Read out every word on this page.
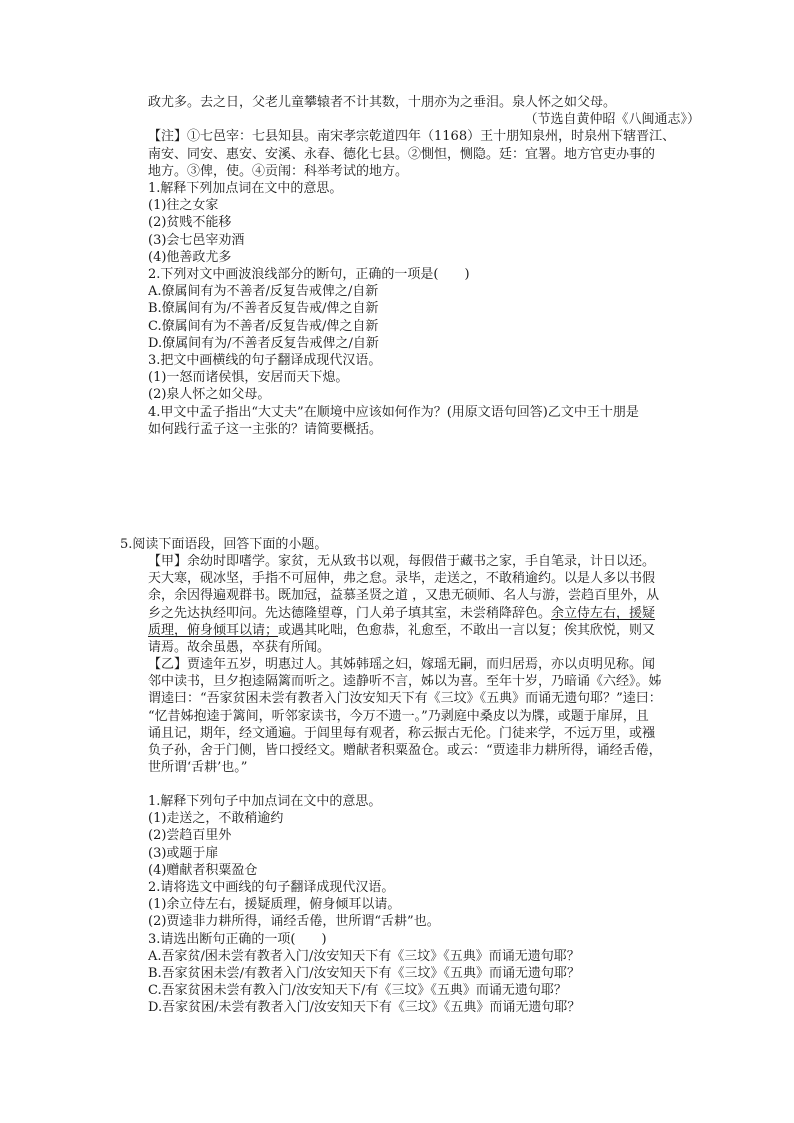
政尤多。去之日，父老儿童攀辕者不计其数，十朋亦为之垂泪。泉人怀之如父母。
（节选自黄仲昭《八闽通志》）
【注】①七邑宰：七县知县。南宋孝宗乾道四年（1168）王十朋知泉州，时泉州下辖晋江、
南安、同安、惠安、安溪、永春、德化七县。②惻怛，恻隐。廷：宜署。地方官吏办事的
地方。③俾，使。④贡闱：科举考试的地方。
1.解释下列加点词在文中的意思。
(1)往之女家
(2)贫贱不能移
(3)会七邑宰劝酒
(4)他善政尤多
2.下列对文中画波浪线部分的断句，正确的一项是(　　)
A.僚属间有为不善者/反复告戒俾之/自新
B.僚属间有为/不善者反复告戒/俾之自新
C.僚属间有为不善者/反复告戒/俾之自新
D.僚属间有为/不善者反复告戒俾之/自新
3.把文中画横线的句子翻译成现代汉语。
(1)一怒而诸侯惧，安居而天下熄。
(2)泉人怀之如父母。
4.甲文中孟子指出“大丈夫”在顺境中应该如何作为？(用原文语句回答)乙文中王十朋是
如何践行孟子这一主张的？请简要概括。
5.阅读下面语段，回答下面的小题。
【甲】余幼时即嗜学。家贫，无从致书以观，每假借于藏书之家，手自笔录，计日以还。
天大寒，砚冰坚，手指不可屈伸，弗之怠。录毕，走送之，不敢稍逾约。以是人多以书假
余，余因得遍观群书。既加冠，益慕圣贤之道 ，又患无硕师、名人与游，尝趋百里外，从
乡之先达执经叩问。先达德隆望尊，门人弟子填其室，未尝稍降辞色。余立侍左右，援疑
质理，俯身倾耳以请；或遇其叱咄，色愈恭，礼愈至，不敢出一言以复；俟其欣悦，则又
请焉。故余虽愚，卒获有所闻。
【乙】贾逵年五岁，明惠过人。其姊韩瑶之妇，嫁瑶无嗣，而归居焉，亦以贞明见称。闻
邻中读书，旦夕抱逵隔篱而听之。逵静听不言，姊以为喜。至年十岁，乃暗诵《六经》。姊
谓逵曰：“吾家贫困未尝有教者入门汝安知天下有《三坟》《五典》而诵无遗句耶？”逵曰：
“忆昔姊抱逵于篱间，听邻家读书，今万不遗一。”乃剥庭中桑皮以为牒，或题于扉屏，且
诵且记，期年，经文通遍。于闾里每有观者，称云振古无伦。门徒来学，不远万里，或襁
负子孙，舍于门侧，皆口授经文。赠献者积粟盈仓。或云：“贾逵非力耕所得，诵经舌倦，
世所谓‘舌耕’也。”
1.解释下列句子中加点词在文中的意思。
(1)走送之，不敢稍逾约
(2)尝趋百里外
(3)或题于扉
(4)赠献者积粟盈仓
2.请将选文中画线的句子翻译成现代汉语。
(1)余立侍左右，援疑质理，俯身倾耳以请。
(2)贾逵非力耕所得，诵经舌倦，世所谓“舌耕”也。
3.请选出断句正确的一项(　　)
A.吾家贫/困未尝有教者入门/汝安知天下有《三坟》《五典》而诵无遗句耶？
B.吾家贫困未尝/有教者入门/汝安知天下有《三坟》《五典》而诵无遗句耶？
C.吾家贫困未尝有教入门/汝安知天下/有《三坟》《五典》而诵无遗句耶？
D.吾家贫困/未尝有教者入门/汝安知天下有《三坟》《五典》而诵无遗句耶？
